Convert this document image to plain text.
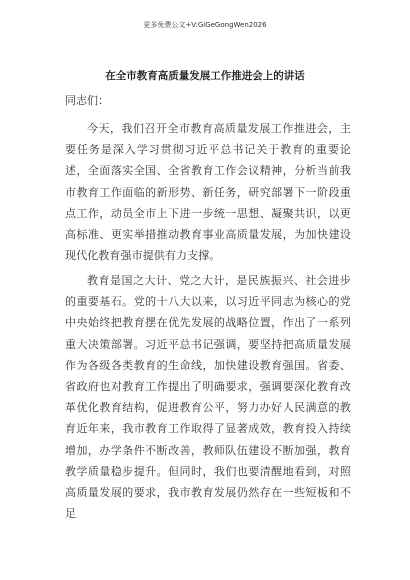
更多免费公文+V:GiGeGongWen2026
在全市教育高质量发展工作推进会上的讲话
同志们：

今天，我们召开全市教育高质量发展工作推进会，主要任务是深入学习贯彻习近平总书记关于教育的重要论述，全面落实全国、全省教育工作会议精神，分析当前我市教育工作面临的新形势、新任务，研究部署下一阶段重点工作，动员全市上下进一步统一思想、凝聚共识，以更高标准、更实举措推动教育事业高质量发展，为加快建设现代化教育强市提供有力支撑。

教育是国之大计、党之大计，是民族振兴、社会进步的重要基石。党的十八大以来，以习近平同志为核心的党中央始终把教育摆在优先发展的战略位置，作出了一系列重大决策部署。习近平总书记强调，要坚持把高质量发展作为各级各类教育的生命线，加快建设教育强国。省委、省政府也对教育工作提出了明确要求，强调要深化教育改革优化教育结构，促进教育公平，努力办好人民满意的教育近年来，我市教育工作取得了显著成效，教育投入持续增加，办学条件不断改善，教师队伍建设不断加强，教育教学质量稳步提升。但同时，我们也要清醒地看到，对照高质量发展的要求，我市教育发展仍然存在一些短板和不足
